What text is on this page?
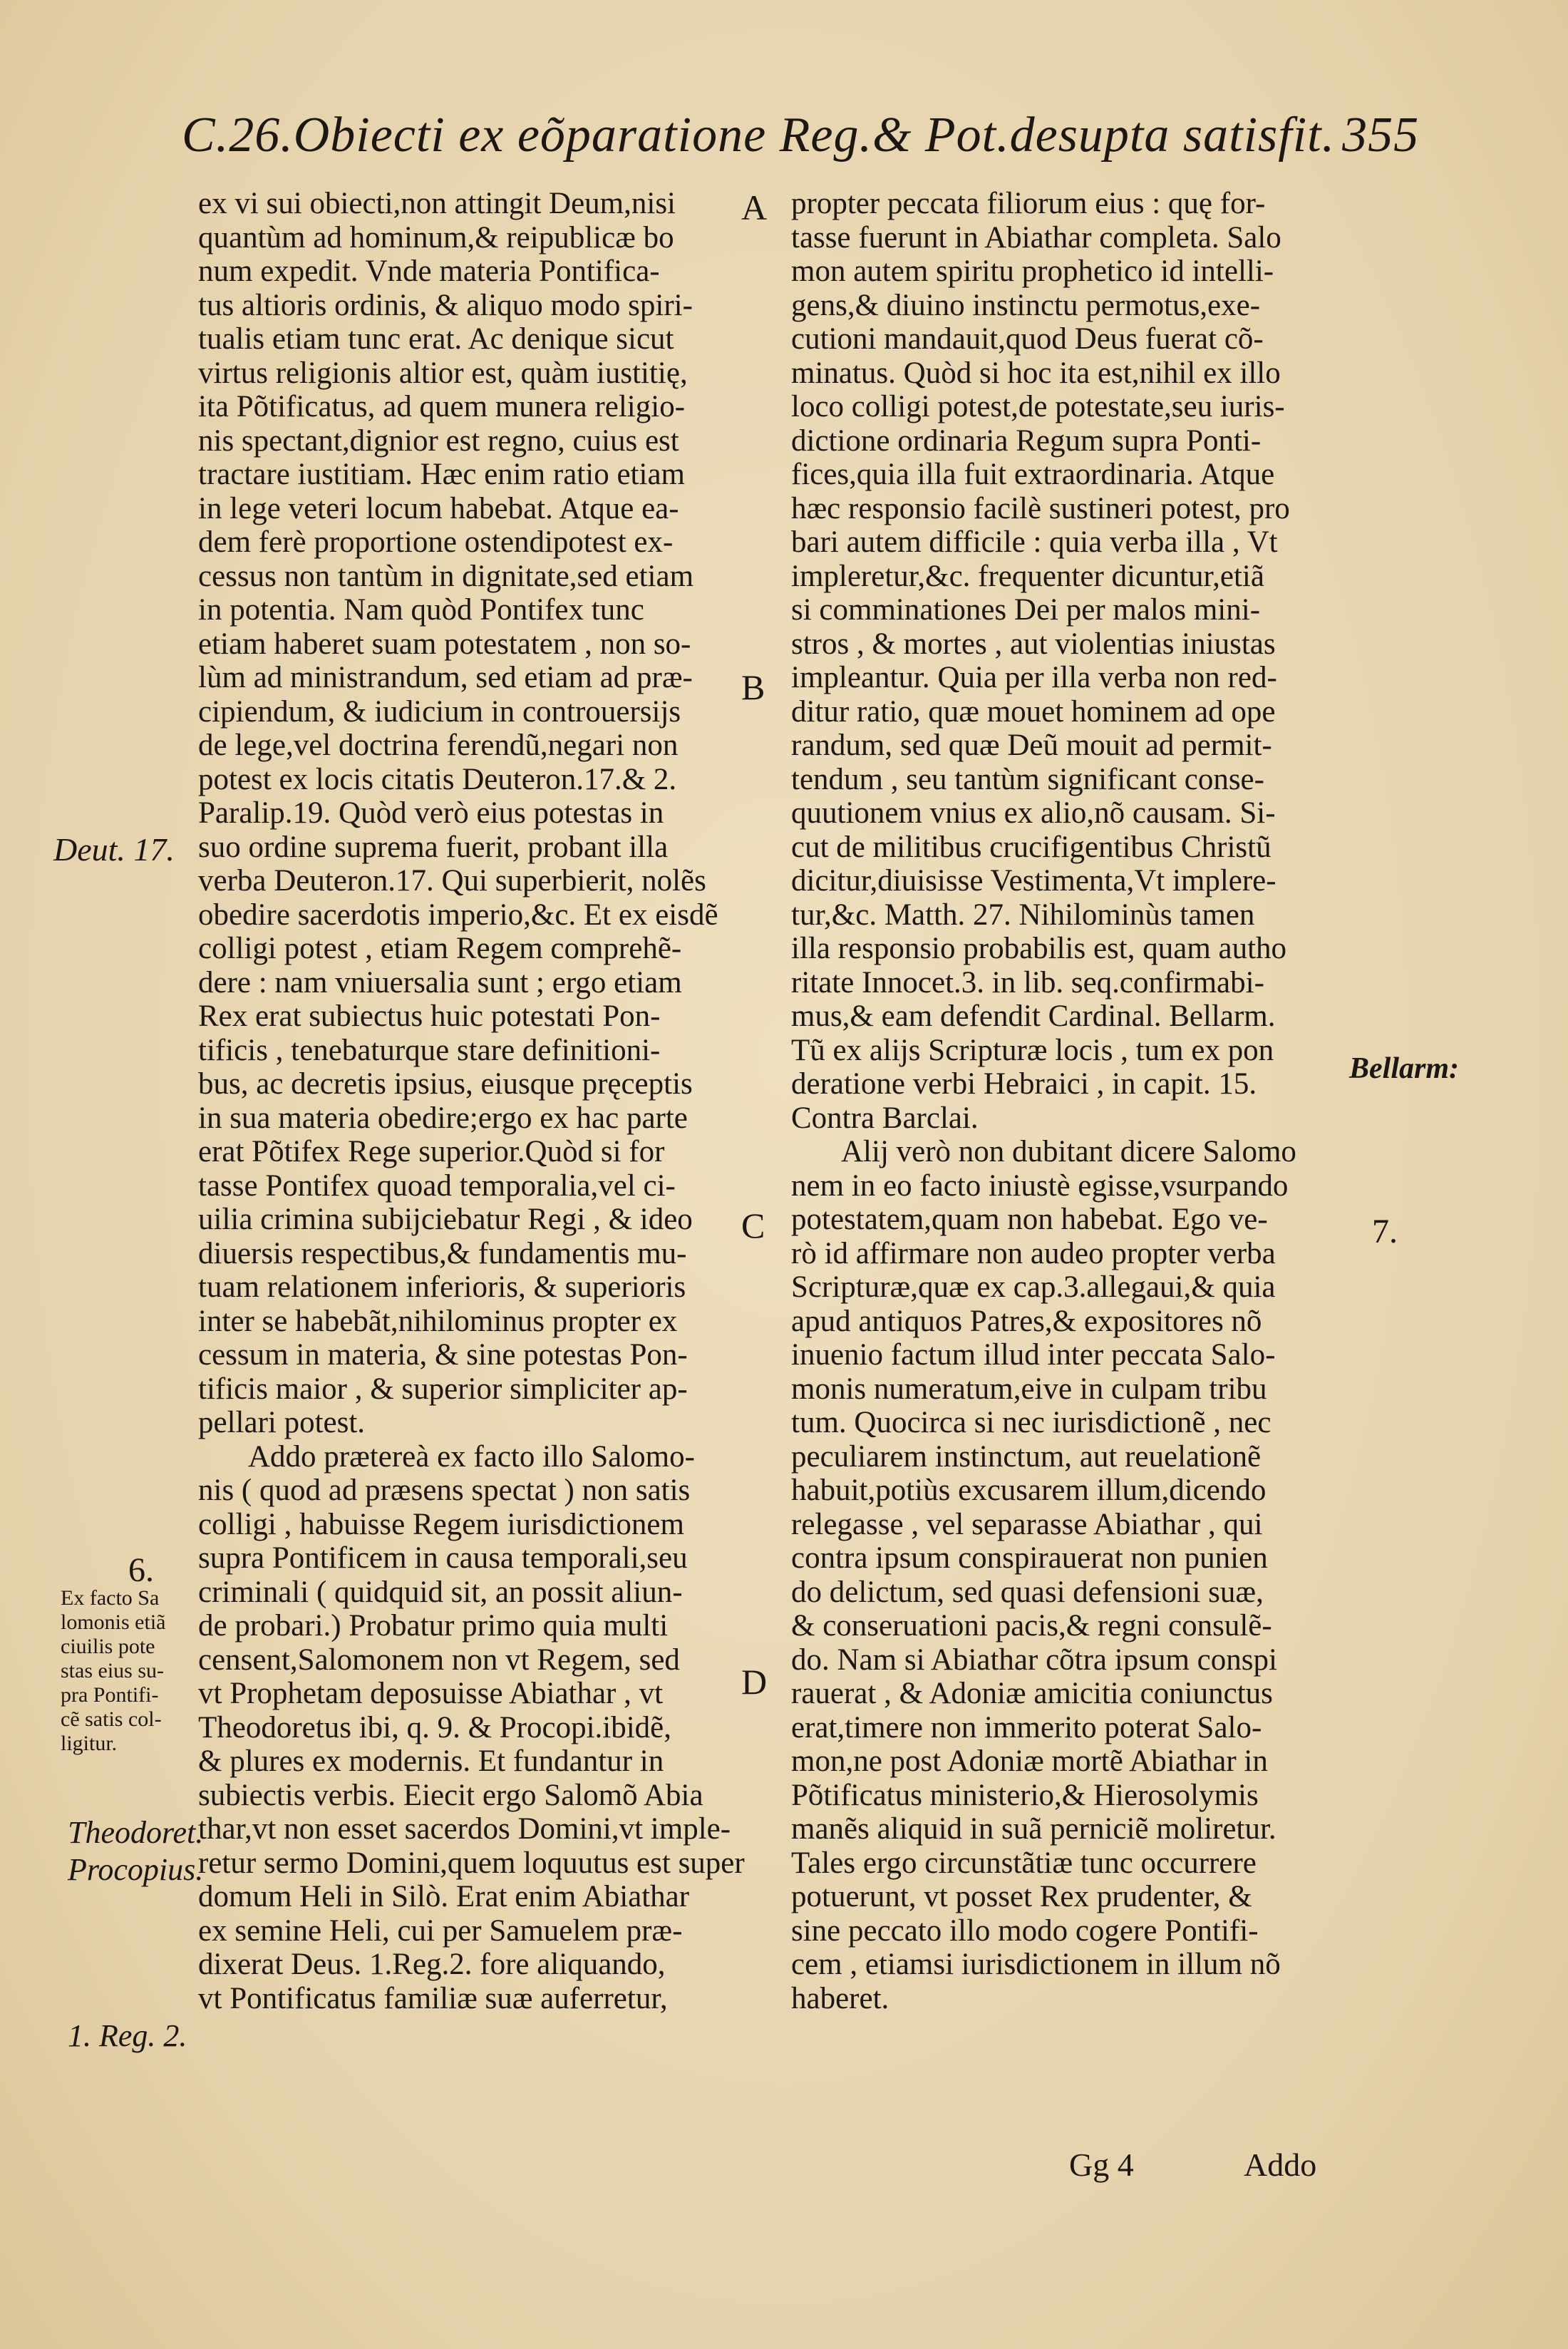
C.26.Obiecti ex eõparatione Reg.& Pot.desupta satisfit. 355
ex vi sui obiecti,non attingit Deum,nisi
quantùm ad hominum,& reipublicæ bo
num expedit. Vnde materia Pontifica-
tus altioris ordinis, & aliquo modo spiri-
tualis etiam tunc erat. Ac denique sicut
virtus religionis altior est, quàm iustitię,
ita Põtificatus, ad quem munera religio-
nis spectant,dignior est regno, cuius est
tractare iustitiam. Hæc enim ratio etiam
in lege veteri locum habebat. Atque ea-
dem ferè proportione ostendipotest ex-
cessus non tantùm in dignitate,sed etiam
in potentia. Nam quòd Pontifex tunc
etiam haberet suam potestatem , non so-
lùm ad ministrandum, sed etiam ad præ-
cipiendum, & iudicium in controuersijs
de lege,vel doctrina ferendũ,negari non
potest ex locis citatis Deuteron.17.& 2.
Paralip.19. Quòd verò eius potestas in
suo ordine suprema fuerit, probant illa
verba Deuteron.17. Qui superbierit, nolẽs
obedire sacerdotis imperio,&c. Et ex eisdẽ
colligi potest , etiam Regem comprehẽ-
dere : nam vniuersalia sunt ; ergo etiam
Rex erat subiectus huic potestati Pon-
tificis , tenebaturque stare definitioni-
bus, ac decretis ipsius, eiusque pręceptis
in sua materia obedire;ergo ex hac parte
erat Põtifex Rege superior.Quòd si for
tasse Pontifex quoad temporalia,vel ci-
uilia crimina subijciebatur Regi , & ideo
diuersis respectibus,& fundamentis mu-
tuam relationem inferioris, & superioris
inter se habebãt,nihilominus propter ex
cessum in materia, & sine potestas Pon-
tificis maior , & superior simpliciter ap-
pellari potest.
Addo prætereà ex facto illo Salomo-
nis ( quod ad præsens spectat ) non satis
colligi , habuisse Regem iurisdictionem
supra Pontificem in causa temporali,seu
criminali ( quidquid sit, an possit aliun-
de probari.) Probatur primo quia multi
censent,Salomonem non vt Regem, sed
vt Prophetam deposuisse Abiathar , vt
Theodoretus ibi, q. 9. & Procopi.ibidẽ,
& plures ex modernis. Et fundantur in
subiectis verbis. Eiecit ergo Salomõ Abia
thar,vt non esset sacerdos Domini,vt imple-
retur sermo Domini,quem loquutus est super
domum Heli in Silò. Erat enim Abiathar
ex semine Heli, cui per Samuelem præ-
dixerat Deus. 1.Reg.2. fore aliquando,
vt Pontificatus familiæ suæ auferretur,
propter peccata filiorum eius : quę for-
tasse fuerunt in Abiathar completa. Salo
mon autem spiritu prophetico id intelli-
gens,& diuino instinctu permotus,exe-
cutioni mandauit,quod Deus fuerat cõ-
minatus. Quòd si hoc ita est,nihil ex illo
loco colligi potest,de potestate,seu iuris-
dictione ordinaria Regum supra Ponti-
fices,quia illa fuit extraordinaria. Atque
hæc responsio facilè sustineri potest, pro
bari autem difficile : quia verba illa , Vt
impleretur,&c. frequenter dicuntur,etiã
si comminationes Dei per malos mini-
stros , & mortes , aut violentias iniustas
impleantur. Quia per illa verba non red-
ditur ratio, quæ mouet hominem ad ope
randum, sed quæ Deũ mouit ad permit-
tendum , seu tantùm significant conse-
quutionem vnius ex alio,nõ causam. Si-
cut de militibus crucifigentibus Christũ
dicitur,diuisisse Vestimenta,Vt implere-
tur,&c. Matth. 27. Nihilominùs tamen
illa responsio probabilis est, quam autho
ritate Innocet.3. in lib. seq.confirmabi-
mus,& eam defendit Cardinal. Bellarm.
Tũ ex alijs Scripturæ locis , tum ex pon
deratione verbi Hebraici , in capit. 15.
Contra Barclai.
Alij verò non dubitant dicere Salomo
nem in eo facto iniustè egisse,vsurpando
potestatem,quam non habebat. Ego ve-
rò id affirmare non audeo propter verba
Scripturæ,quæ ex cap.3.allegaui,& quia
apud antiquos Patres,& expositores nõ
inuenio factum illud inter peccata Salo-
monis numeratum,eive in culpam tribu
tum. Quocirca si nec iurisdictionẽ , nec
peculiarem instinctum, aut reuelationẽ
habuit,potiùs excusarem illum,dicendo
relegasse , vel separasse Abiathar , qui
contra ipsum conspirauerat non punien
do delictum, sed quasi defensioni suæ,
& conseruationi pacis,& regni consulẽ-
do. Nam si Abiathar cõtra ipsum conspi
rauerat , & Adoniæ amicitia coniunctus
erat,timere non immerito poterat Salo-
mon,ne post Adoniæ mortẽ Abiathar in
Põtificatus ministerio,& Hierosolymis
manẽs aliquid in suã perniciẽ moliretur.
Tales ergo circunstãtiæ tunc occurrere
potuerunt, vt posset Rex prudenter, &
sine peccato illo modo cogere Pontifi-
cem , etiamsi iurisdictionem in illum nõ
haberet.
A
B
C
D
Deut. 17.
Bellarm:
7.
6.
Ex facto Sa
lomonis etiã
ciuilis pote
stas eius su-
pra Pontifi-
cẽ satis col-
ligitur.
Theodoret.
Procopius.
1. Reg. 2.
Gg 4	Addo
